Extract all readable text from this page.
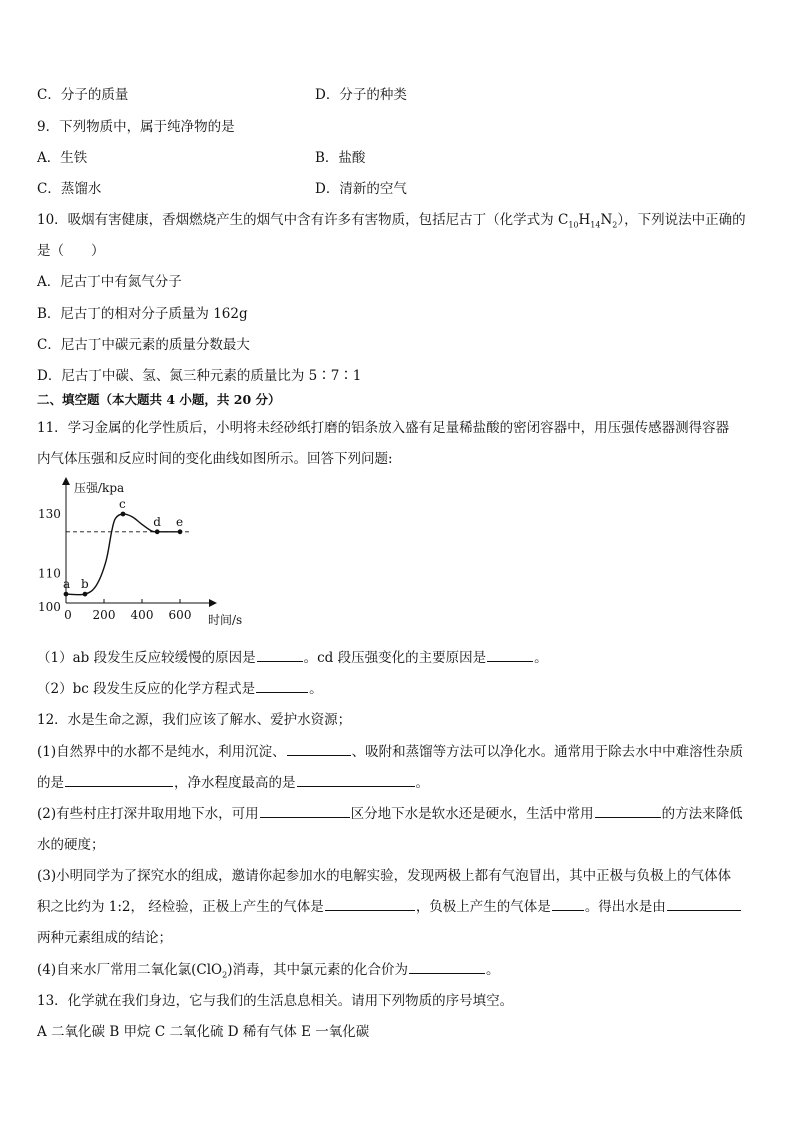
C．分子的质量	D．分子的种类
9．下列物质中，属于纯净物的是
A．生铁	B．盐酸
C．蒸馏水	D．清新的空气
10．吸烟有害健康，香烟燃烧产生的烟气中含有许多有害物质，包括尼古丁（化学式为 $C_{10}H_{14}N_2$），下列说法中正确的
是（　　）
A．尼古丁中有氮气分子
B．尼古丁的相对分子质量为 162g
C．尼古丁中碳元素的质量分数最大
D．尼古丁中碳、氢、氮三种元素的质量比为 5∶7∶1
二、填空题（本大题共 4 小题，共 20 分）
11．学习金属的化学性质后，小明将未经砂纸打磨的铝条放入盛有足量稀盐酸的密闭容器中，用压强传感器测得容器
内气体压强和反应时间的变化曲线如图所示。回答下列问题:
压强/kpa
时间/s
100
110
130
0 200 400 600
a b
c
d e
（1）ab 段发生反应较缓慢的原因是	。cd 段压强变化的主要原因是	。
（2）bc 段发生反应的化学方程式是	。
12．水是生命之源，我们应该了解水、爱护水资源；
(1)自然界中的水都不是纯水，利用沉淀、	、吸附和蒸馏等方法可以净化水。通常用于除去水中中难溶性杂质
的是	，净水程度最高的是	。
(2)有些村庄打深井取用地下水，可用	区分地下水是软水还是硬水，生活中常用	的方法来降低
水的硬度；
(3)小明同学为了探究水的组成，邀请你起参加水的电解实验，发现两极上都有气泡冒出，其中正极与负极上的气体体
积之比约为 1:2， 经检验，正极上产生的气体是	，负极上产生的气体是	。得出水是由
两种元素组成的结论；
(4)自来水厂常用二氧化氯(ClO$_2$)消毒，其中氯元素的化合价为	。
13．化学就在我们身边，它与我们的生活息息相关。请用下列物质的序号填空。
A 二氧化碳 B 甲烷 C 二氧化硫 D 稀有气体 E 一氧化碳
